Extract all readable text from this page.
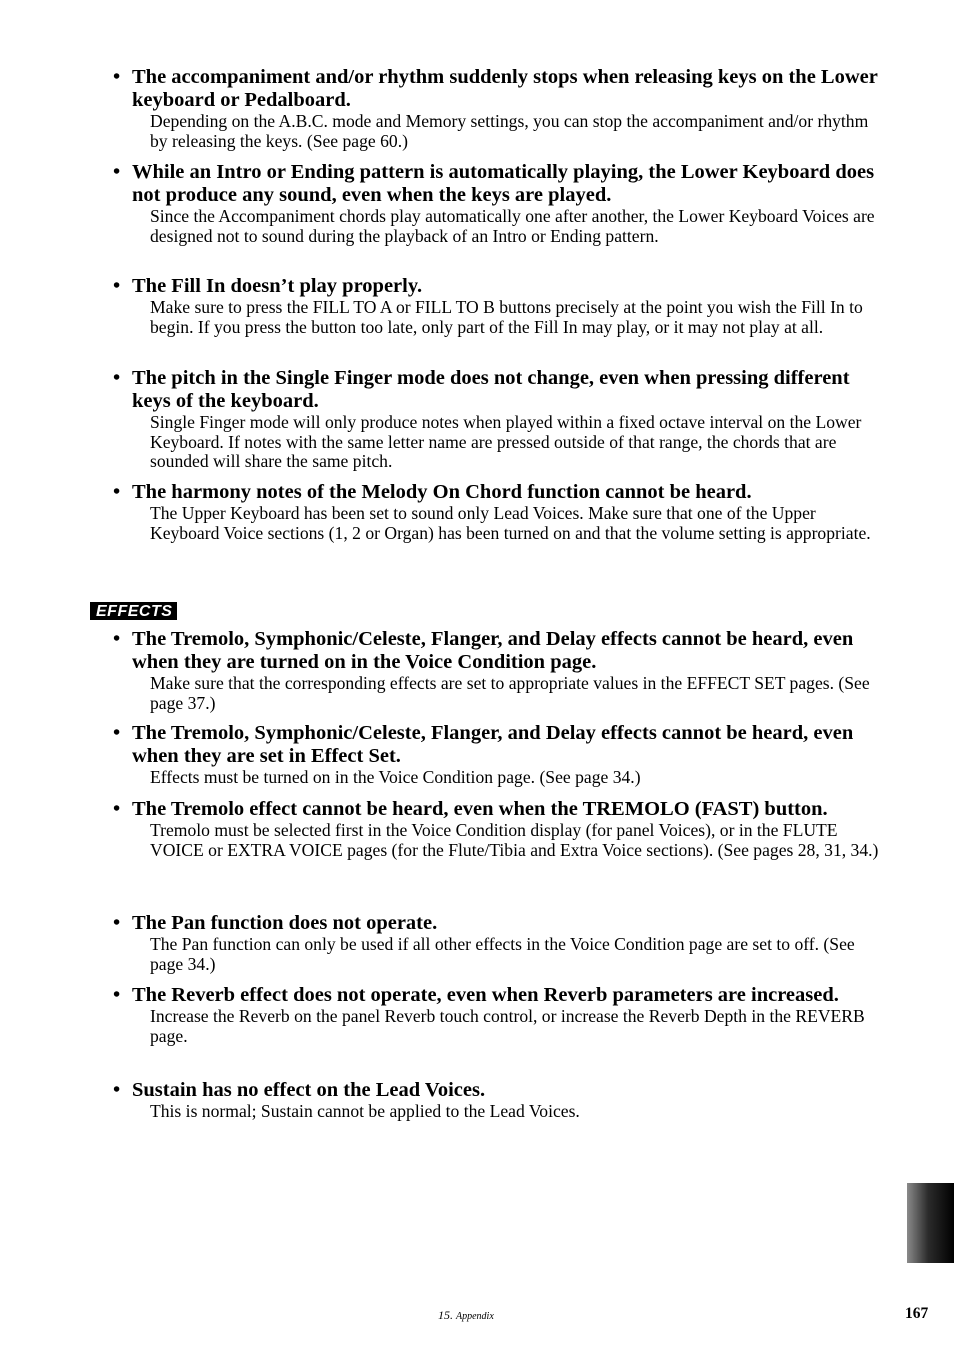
• The accompaniment and/or rhythm suddenly stops when releasing keys on the Lower keyboard or Pedalboard.
Depending on the A.B.C. mode and Memory settings, you can stop the accompaniment and/or rhythm by releasing the keys. (See page 60.)
• While an Intro or Ending pattern is automatically playing, the Lower Keyboard does not produce any sound, even when the keys are played.
Since the Accompaniment chords play automatically one after another, the Lower Keyboard Voices are designed not to sound during the playback of an Intro or Ending pattern.
• The Fill In doesn’t play properly.
Make sure to press the FILL TO A or FILL TO B buttons precisely at the point you wish the Fill In to begin. If you press the button too late, only part of the Fill In may play, or it may not play at all.
• The pitch in the Single Finger mode does not change, even when pressing different keys of the keyboard.
Single Finger mode will only produce notes when played within a fixed octave interval on the Lower Keyboard. If notes with the same letter name are pressed outside of that range, the chords that are sounded will share the same pitch.
• The harmony notes of the Melody On Chord function cannot be heard.
The Upper Keyboard has been set to sound only Lead Voices. Make sure that one of the Upper Keyboard Voice sections (1, 2 or Organ) has been turned on and that the volume setting is appropriate.
EFFECTS
• The Tremolo, Symphonic/Celeste, Flanger, and Delay effects cannot be heard, even when they are turned on in the Voice Condition page.
Make sure that the corresponding effects are set to appropriate values in the EFFECT SET pages. (See page 37.)
• The Tremolo, Symphonic/Celeste, Flanger, and Delay effects cannot be heard, even when they are set in Effect Set.
Effects must be turned on in the Voice Condition page. (See page 34.)
• The Tremolo effect cannot be heard, even when the TREMOLO (FAST) button.
Tremolo must be selected first in the Voice Condition display (for panel Voices), or in the FLUTE VOICE or EXTRA VOICE pages (for the Flute/Tibia and Extra Voice sections). (See pages 28, 31, 34.)
• The Pan function does not operate.
The Pan function can only be used if all other effects in the Voice Condition page are set to off. (See page 34.)
• The Reverb effect does not operate, even when Reverb parameters are increased.
Increase the Reverb on the panel Reverb touch control, or increase the Reverb Depth in the REVERB page.
• Sustain has no effect on the Lead Voices.
This is normal; Sustain cannot be applied to the Lead Voices.
15. Appendix	167
